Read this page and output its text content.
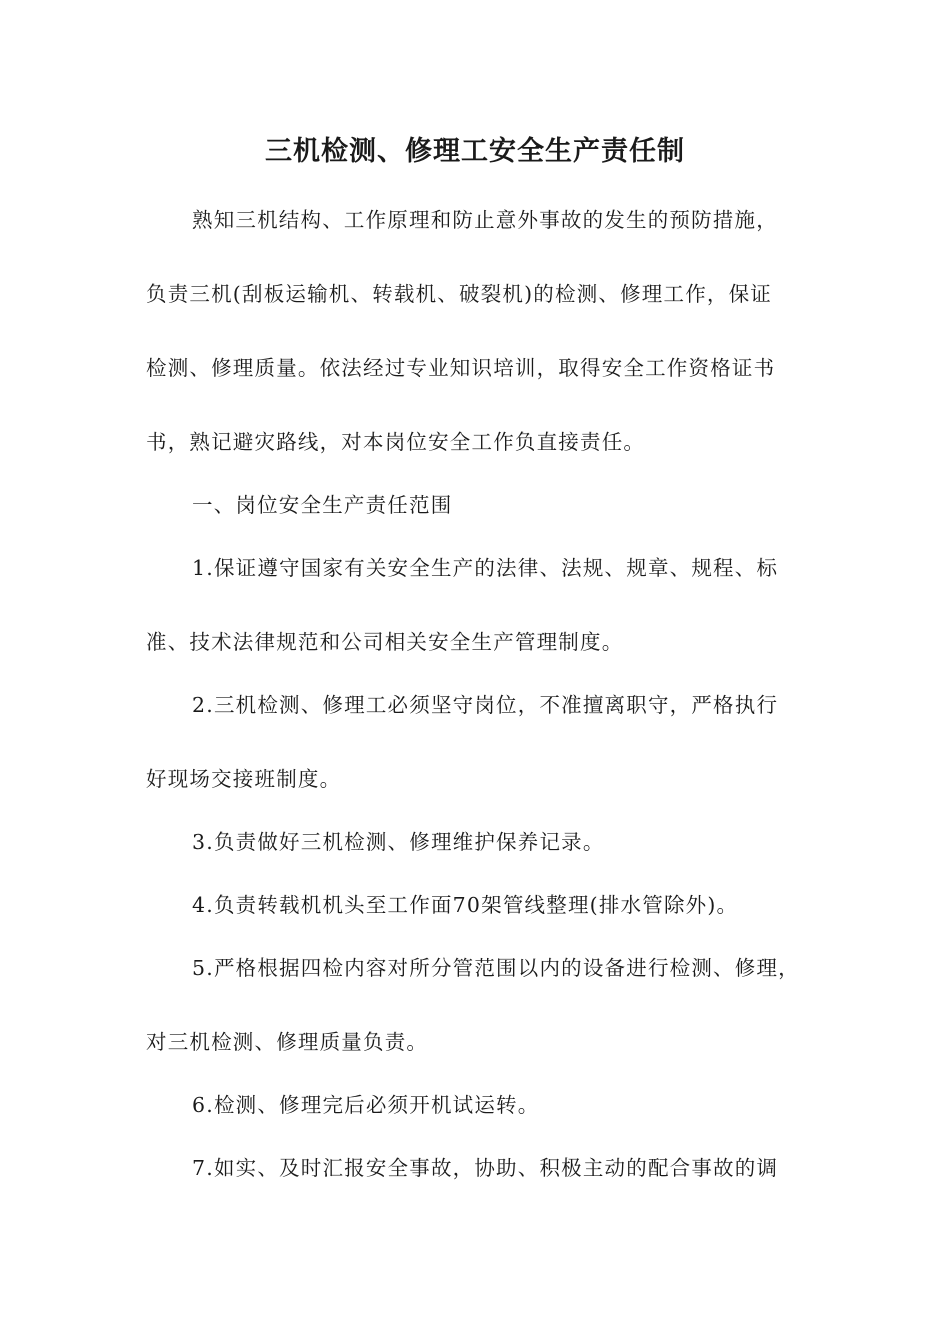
三机检测、修理工安全生产责任制
熟知三机结构、工作原理和防止意外事故的发生的预防措施，
负责三机(刮板运输机、转载机、破裂机)的检测、修理工作，保证
检测、修理质量。依法经过专业知识培训，取得安全工作资格证书
书，熟记避灾路线，对本岗位安全工作负直接责任。
一、岗位安全生产责任范围
1.保证遵守国家有关安全生产的法律、法规、规章、规程、标
准、技术法律规范和公司相关安全生产管理制度。
2.三机检测、修理工必须坚守岗位，不准擅离职守，严格执行
好现场交接班制度。
3.负责做好三机检测、修理维护保养记录。
4.负责转载机机头至工作面70架管线整理(排水管除外)。
5.严格根据四检内容对所分管范围以内的设备进行检测、修理，
对三机检测、修理质量负责。
6.检测、修理完后必须开机试运转。
7.如实、及时汇报安全事故，协助、积极主动的配合事故的调
